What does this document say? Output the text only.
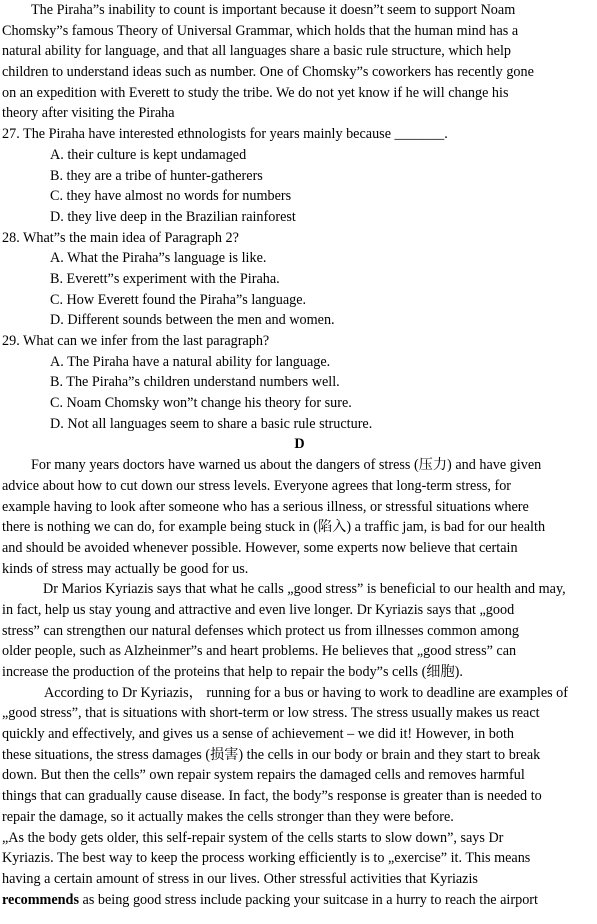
The Piraha”s inability to count is important because it doesn”t seem to support Noam
Chomsky”s famous Theory of Universal Grammar, which holds that the human mind has a
natural ability for language, and that all languages share a basic rule structure, which help
children to understand ideas such as number. One of Chomsky”s coworkers has recently gone
on an expedition with Everett to study the tribe. We do not yet know if he will change his
theory after visiting the Piraha
27. The Piraha have interested ethnologists for years mainly because _______.
A. their culture is kept undamaged
B. they are a tribe of hunter-gatherers
C. they have almost no words for numbers
D. they live deep in the Brazilian rainforest
28. What”s the main idea of Paragraph 2?
A. What the Piraha”s language is like.
B. Everett”s experiment with the Piraha.
C. How Everett found the Piraha”s language.
D. Different sounds between the men and women.
29. What can we infer from the last paragraph?
A. The Piraha have a natural ability for language.
B. The Piraha”s children understand numbers well.
C. Noam Chomsky won”t change his theory for sure.
D. Not all languages seem to share a basic rule structure.
D
For many years doctors have warned us about the dangers of stress (压力) and have given
advice about how to cut down our stress levels. Everyone agrees that long-term stress, for
example having to look after someone who has a serious illness, or stressful situations where
there is nothing we can do, for example being stuck in (陷入) a traffic jam, is bad for our health
and should be avoided whenever possible. However, some experts now believe that certain
kinds of stress may actually be good for us.
Dr Marios Kyriazis says that what he calls „good stress” is beneficial to our health and may,
in fact, help us stay young and attractive and even live longer. Dr Kyriazis says that „good
stress” can strengthen our natural defenses which protect us from illnesses common among
older people, such as Alzheinmer”s and heart problems. He believes that „good stress” can
increase the production of the proteins that help to repair the body”s cells (细胞).
According to Dr Kyriazis， running for a bus or having to work to deadline are examples of
„good stress”, that is situations with short-term or low stress. The stress usually makes us react
quickly and effectively, and gives us a sense of achievement – we did it! However, in both
these situations, the stress damages (损害) the cells in our body or brain and they start to break
down. But then the cells” own repair system repairs the damaged cells and removes harmful
things that can gradually cause disease. In fact, the body”s response is greater than is needed to
repair the damage, so it actually makes the cells stronger than they were before.
„As the body gets older, this self-repair system of the cells starts to slow down”, says Dr
Kyriazis. The best way to keep the process working efficiently is to „exercise” it. This means
having a certain amount of stress in our lives. Other stressful activities that Kyriazis
recommends as being good stress include packing your suitcase in a hurry to reach the airport
